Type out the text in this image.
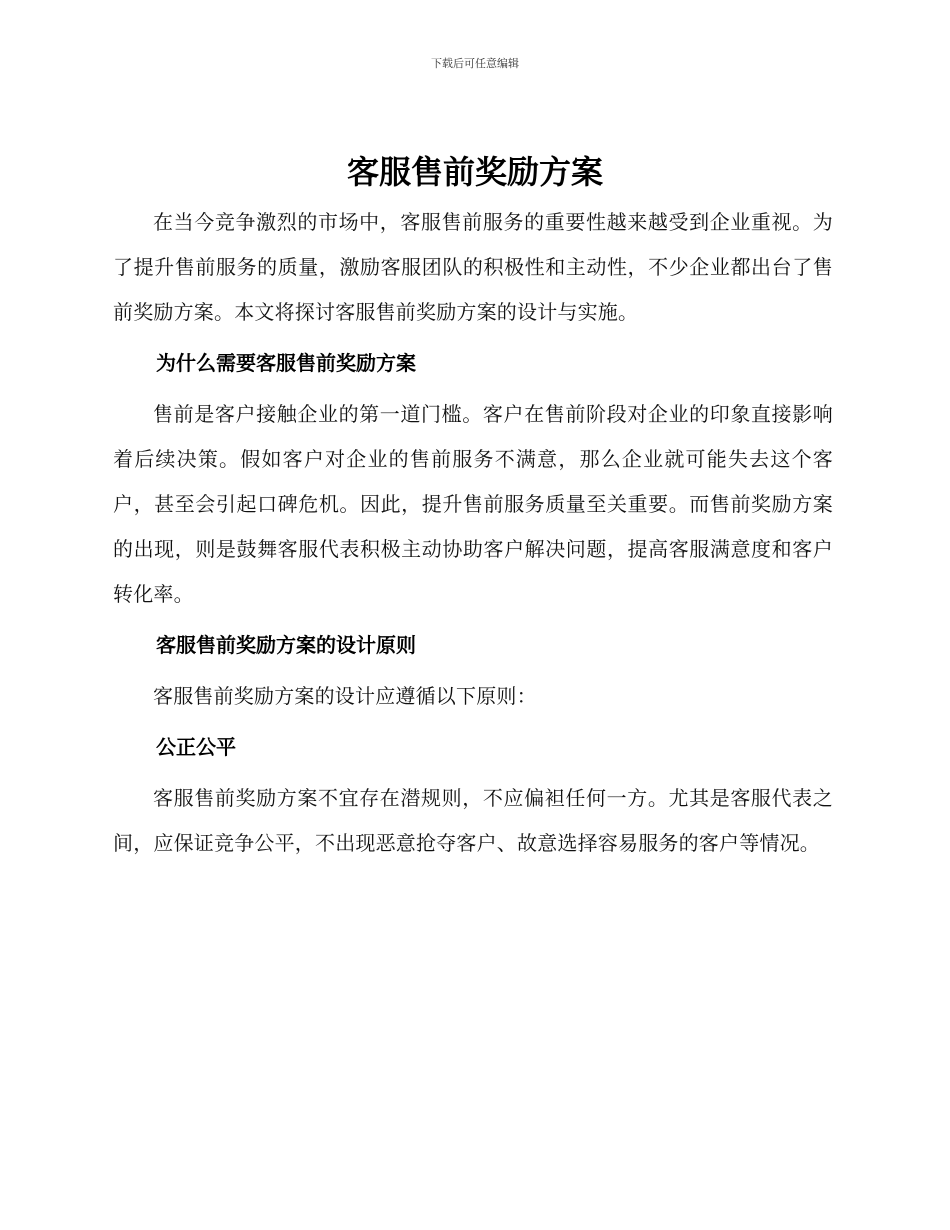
下载后可任意编辑
客服售前奖励方案

在当今竞争激烈的市场中，客服售前服务的重要性越来越受到企业重视。为了提升售前服务的质量，激励客服团队的积极性和主动性，不少企业都出台了售前奖励方案。本文将探讨客服售前奖励方案的设计与实施。

为什么需要客服售前奖励方案

售前是客户接触企业的第一道门槛。客户在售前阶段对企业的印象直接影响着后续决策。假如客户对企业的售前服务不满意，那么企业就可能失去这个客户，甚至会引起口碑危机。因此，提升售前服务质量至关重要。而售前奖励方案的出现，则是鼓舞客服代表积极主动协助客户解决问题，提高客服满意度和客户转化率。

客服售前奖励方案的设计原则

客服售前奖励方案的设计应遵循以下原则：

公正公平

客服售前奖励方案不宜存在潜规则，不应偏袒任何一方。尤其是客服代表之间，应保证竞争公平，不出现恶意抢夺客户、故意选择容易服务的客户等情况。
